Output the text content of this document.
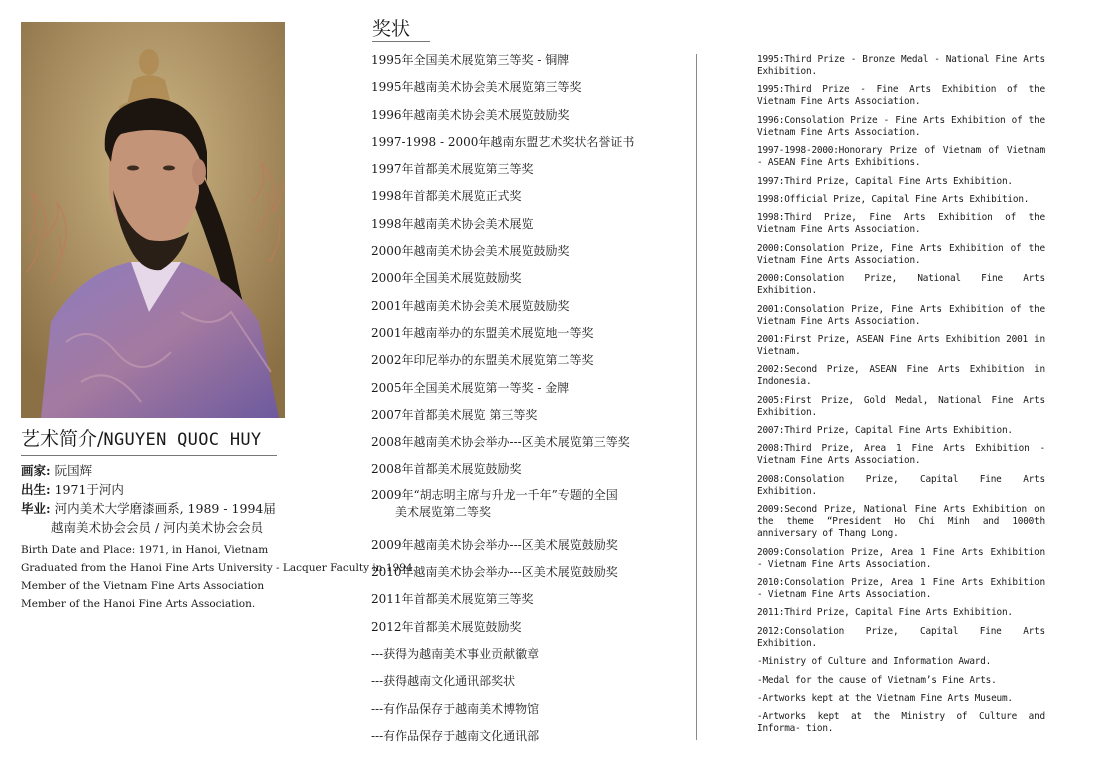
艺术简介/NGUYEN QUOC HUY
画家: 阮国辉
出生: 1971于河内
毕业: 河内美术大学磨漆画系, 1989 - 1994届
越南美术协会会员 / 河内美术协会会员
Birth Date and Place: 1971, in Hanoi, Vietnam
Graduated from the Hanoi Fine Arts University - Lacquer Faculty in 1994.
Member of the Vietnam Fine Arts Association
Member of the Hanoi Fine Arts Association.
奖状
1995年全国美术展览第三等奖 - 铜牌
1995年越南美术协会美术展览第三等奖
1996年越南美术协会美术展览鼓励奖
1997-1998 - 2000年越南东盟艺术奖状名誉证书
1997年首都美术展览第三等奖
1998年首都美术展览正式奖
1998年越南美术协会美术展览
2000年越南美术协会美术展览鼓励奖
2000年全国美术展览鼓励奖
2001年越南美术协会美术展览鼓励奖
2001年越南举办的东盟美术展览地一等奖
2002年印尼举办的东盟美术展览第二等奖
2005年全国美术展览第一等奖 - 金牌
2007年首都美术展览 第三等奖
2008年越南美术协会举办---区美术展览第三等奖
2008年首都美术展览鼓励奖
2009年“胡志明主席与升龙一千年”专题的全国
美术展览第二等奖
2009年越南美术协会举办---区美术展览鼓励奖
2010年越南美术协会举办---区美术展览鼓励奖
2011年首都美术展览第三等奖
2012年首都美术展览鼓励奖
---获得为越南美术事业贡献徽章
---获得越南文化通讯部奖状
---有作品保存于越南美术博物馆
---有作品保存于越南文化通讯部
1995:Third Prize - Bronze Medal - National Fine Arts Exhibition.
1995:Third Prize - Fine Arts Exhibition of the Vietnam Fine Arts Association.
1996:Consolation Prize - Fine Arts Exhibition of the Vietnam Fine Arts Association.
1997-1998-2000:Honorary Prize of Vietnam of Vietnam - ASEAN Fine Arts Exhibitions.
1997:Third Prize, Capital Fine Arts Exhibition.
1998:Official Prize, Capital Fine Arts Exhibition.
1998:Third Prize, Fine Arts Exhibition of the Vietnam Fine Arts Association.
2000:Consolation Prize, Fine Arts Exhibition of the Vietnam Fine Arts Association.
2000:Consolation Prize, National Fine Arts Exhibition.
2001:Consolation Prize, Fine Arts Exhibition of the Vietnam Fine Arts Association.
2001:First Prize, ASEAN Fine Arts Exhibition 2001 in Vietnam.
2002:Second Prize, ASEAN Fine Arts Exhibition in Indonesia.
2005:First Prize, Gold Medal, National Fine Arts Exhibition.
2007:Third Prize, Capital Fine Arts Exhibition.
2008:Third Prize, Area 1 Fine Arts Exhibition - Vietnam Fine Arts Association.
2008:Consolation Prize, Capital Fine Arts Exhibition.
2009:Second Prize, National Fine Arts Exhibition on the theme “President Ho Chi Minh and 1000th anniversary of Thang Long.
2009:Consolation Prize, Area 1 Fine Arts Exhibition - Vietnam Fine Arts Association.
2010:Consolation Prize, Area 1 Fine Arts Exhibition - Vietnam Fine Arts Association.
2011:Third Prize, Capital Fine Arts Exhibition.
2012:Consolation Prize, Capital Fine Arts Exhibition.
-Ministry of Culture and Information Award.
-Medal for the cause of Vietnam’s Fine Arts.
-Artworks kept at the Vietnam Fine Arts Museum.
-Artworks kept at the Ministry of Culture and Informa- tion.
